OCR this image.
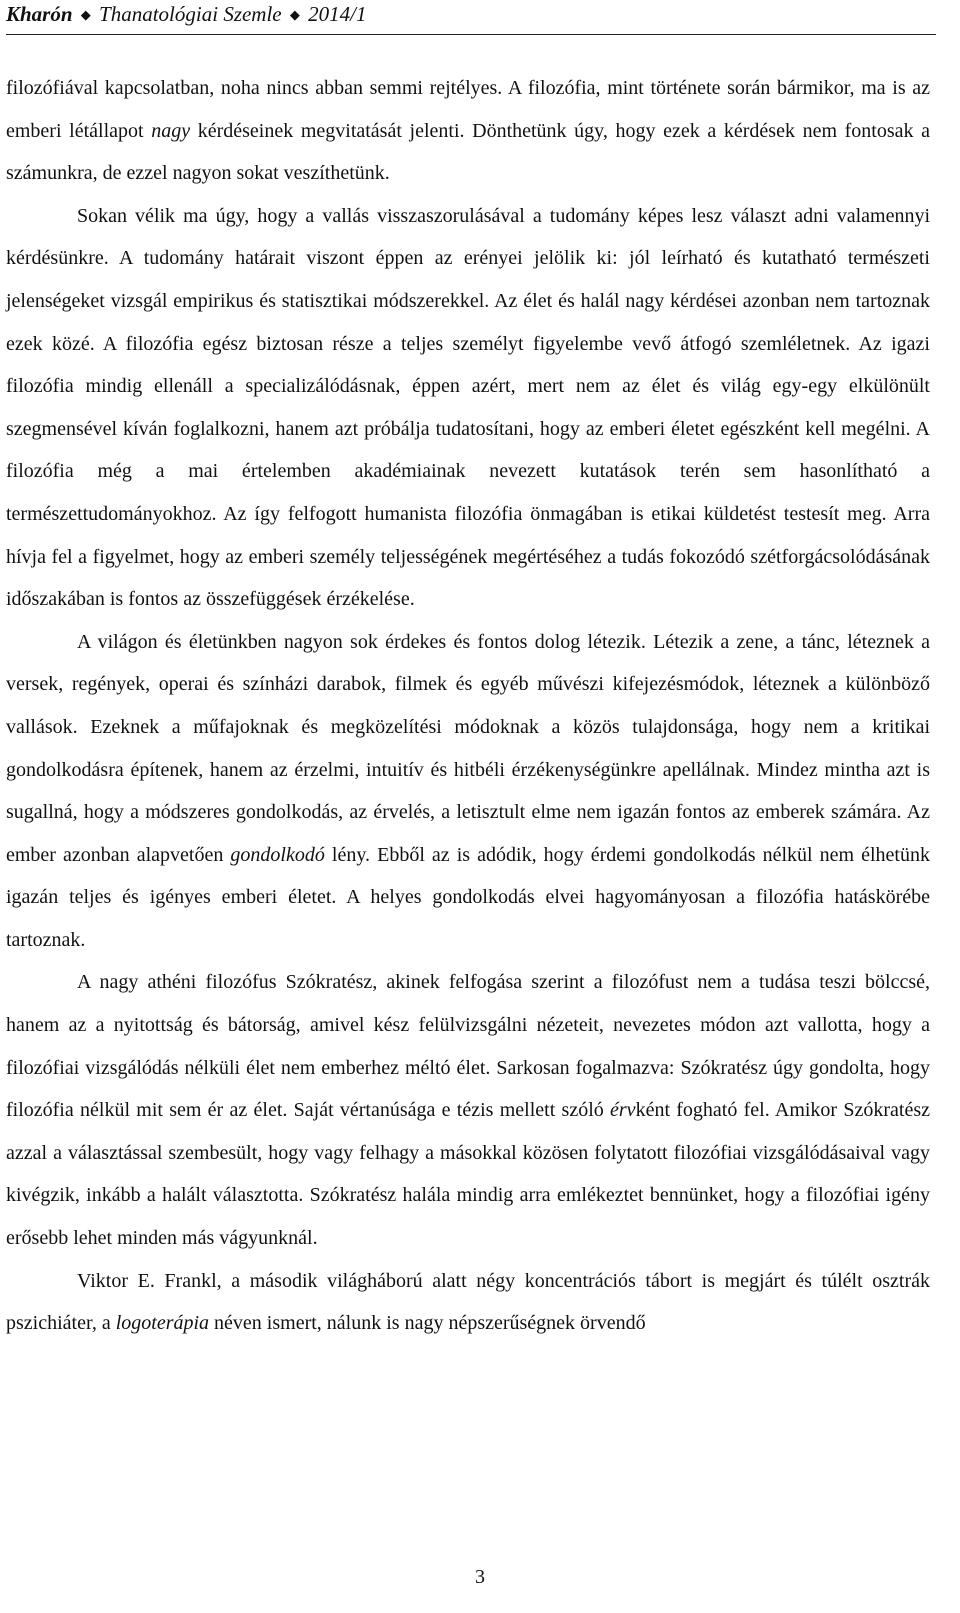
Kharón ◆ Thanatológiai Szemle ◆ 2014/1

filozófiával kapcsolatban, noha nincs abban semmi rejtélyes. A filozófia, mint története során bármikor, ma is az emberi létállapot nagy kérdéseinek megvitatását jelenti. Dönthetünk úgy, hogy ezek a kérdések nem fontosak a számunkra, de ezzel nagyon sokat veszíthetünk.

Sokan vélik ma úgy, hogy a vallás visszaszorulásával a tudomány képes lesz választ adni valamennyi kérdésünkre. A tudomány határait viszont éppen az erényei jelölik ki: jól leírható és kutatható természeti jelenségeket vizsgál empirikus és statisztikai módszerekkel. Az élet és halál nagy kérdései azonban nem tartoznak ezek közé. A filozófia egész biztosan része a teljes személyt figyelembe vevő átfogó szemléletnek. Az igazi filozófia mindig ellenáll a specializálódásnak, éppen azért, mert nem az élet és világ egy-egy elkülönült szegmensével kíván foglalkozni, hanem azt próbálja tudatosítani, hogy az emberi életet egészként kell megélni. A filozófia még a mai értelemben akadémiainak nevezett kutatások terén sem hasonlítható a természettudományokhoz. Az így felfogott humanista filozófia önmagában is etikai küldetést testesít meg. Arra hívja fel a figyelmet, hogy az emberi személy teljességének megértéséhez a tudás fokozódó szétforgácsolódásának időszakában is fontos az összefüggések érzékelése.

A világon és életünkben nagyon sok érdekes és fontos dolog létezik. Létezik a zene, a tánc, léteznek a versek, regények, operai és színházi darabok, filmek és egyéb művészi kifejezésmódok, léteznek a különböző vallások. Ezeknek a műfajoknak és megközelítési módoknak a közös tulajdonsága, hogy nem a kritikai gondolkodásra építenek, hanem az érzelmi, intuitív és hitbéli érzékenységünkre apellálnak. Mindez mintha azt is sugallná, hogy a módszeres gondolkodás, az érvelés, a letisztult elme nem igazán fontos az emberek számára. Az ember azonban alapvetően gondolkodó lény. Ebből az is adódik, hogy érdemi gondolkodás nélkül nem élhetünk igazán teljes és igényes emberi életet. A helyes gondolkodás elvei hagyományosan a filozófia hatáskörébe tartoznak.

A nagy athéni filozófus Szókratész, akinek felfogása szerint a filozófust nem a tudása teszi bölccsé, hanem az a nyitottság és bátorság, amivel kész felülvizsgálni nézeteit, nevezetes módon azt vallotta, hogy a filozófiai vizsgálódás nélküli élet nem emberhez méltó élet. Sarkosan fogalmazva: Szókratész úgy gondolta, hogy filozófia nélkül mit sem ér az élet. Saját vértanúsága e tézis mellett szóló érvként fogható fel. Amikor Szókratész azzal a választással szembesült, hogy vagy felhagy a másokkal közösen folytatott filozófiai vizsgálódásaival vagy kivégzik, inkább a halált választotta. Szókratész halála mindig arra emlékeztet bennünket, hogy a filozófiai igény erősebb lehet minden más vágyunknál.

Viktor E. Frankl, a második világháború alatt négy koncentrációs tábort is megjárt és túlélt osztrák pszichiáter, a logoterápia néven ismert, nálunk is nagy népszerűségnek örvendő

3
